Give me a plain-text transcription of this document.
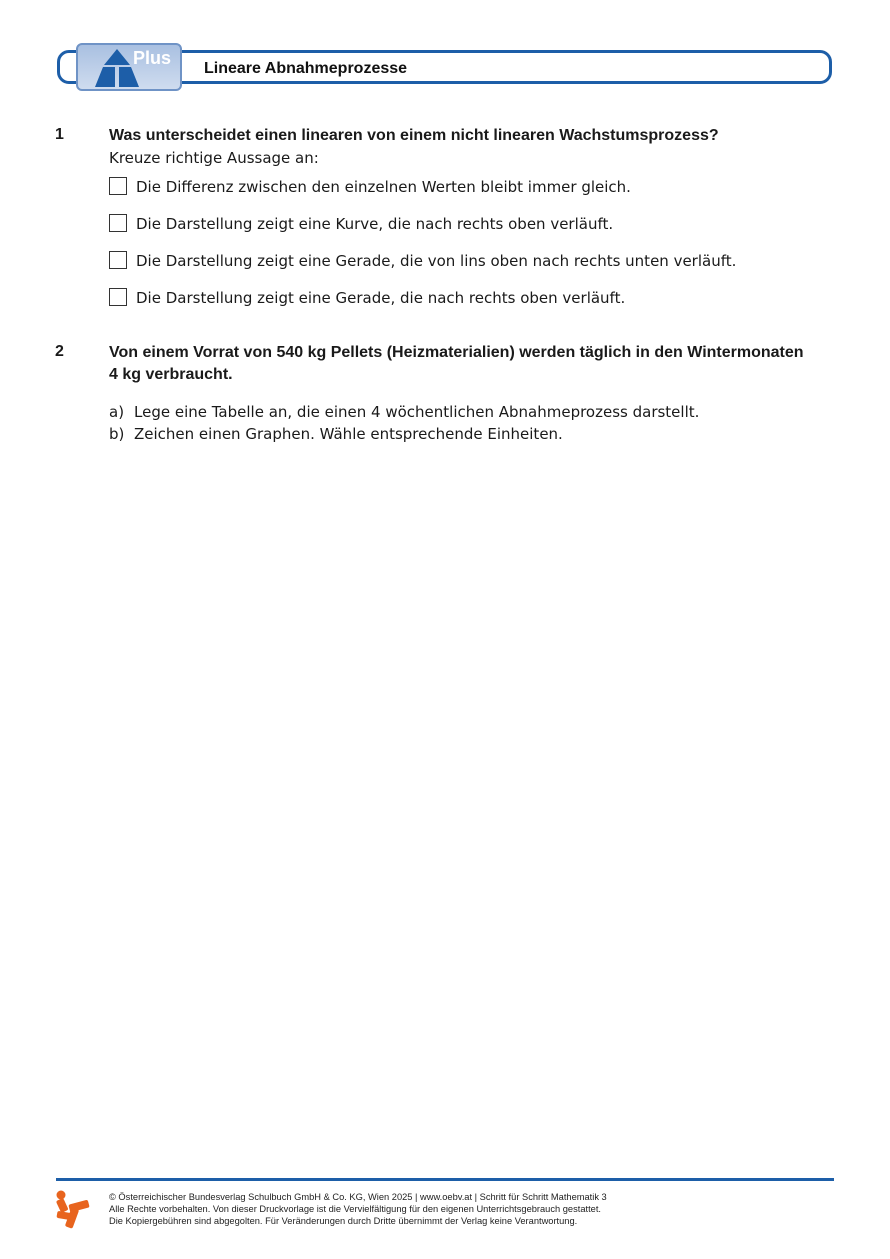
Plus
Lineare Abnahmeprozesse
1	Was unterscheidet einen linearen von einem nicht linearen Wachstumsprozess?
Kreuze richtige Aussage an:
Die Differenz zwischen den einzelnen Werten bleibt immer gleich.
Die Darstellung zeigt eine Kurve, die nach rechts oben verläuft.
Die Darstellung zeigt eine Gerade, die von lins oben nach rechts unten verläuft.
Die Darstellung zeigt eine Gerade, die nach rechts oben verläuft.
2	Von einem Vorrat von 540 kg Pellets (Heizmaterialien) werden täglich in den Wintermonaten
4 kg verbraucht.
a) Lege eine Tabelle an, die einen 4 wöchentlichen Abnahmeprozess darstellt.
b) Zeichen einen Graphen. Wähle entsprechende Einheiten.
© Österreichischer Bundesverlag Schulbuch GmbH & Co. KG, Wien 2025 | www.oebv.at | Schritt für Schritt Mathematik 3
Alle Rechte vorbehalten. Von dieser Druckvorlage ist die Vervielfältigung für den eigenen Unterrichtsgebrauch gestattet.
Die Kopiergebühren sind abgegolten. Für Veränderungen durch Dritte übernimmt der Verlag keine Verantwortung.
